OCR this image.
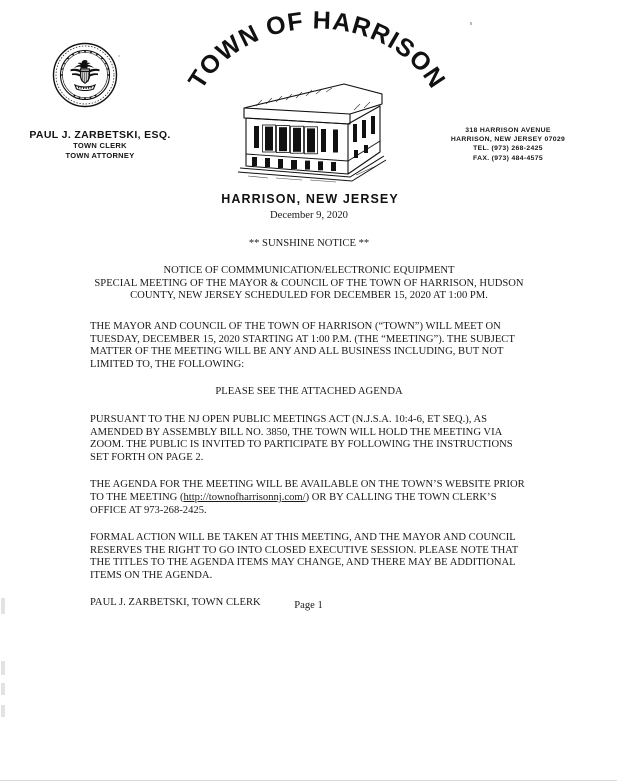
PAUL J. ZARBETSKI, ESQ.
TOWN CLERK
TOWN ATTORNEY
TOWN OF HARRISON
HARRISON, NEW JERSEY
318 HARRISON AVENUE
HARRISON, NEW JERSEY 07029
TEL. (973) 268-2425
FAX. (973) 484-4575

December 9, 2020

** SUNSHINE NOTICE **

NOTICE OF COMMMUNICATION/ELECTRONIC EQUIPMENT

SPECIAL MEETING OF THE MAYOR & COUNCIL OF THE TOWN OF HARRISON, HUDSON

COUNTY, NEW JERSEY SCHEDULED FOR DECEMBER 15, 2020 AT 1:00 PM.

THE MAYOR AND COUNCIL OF THE TOWN OF HARRISON (“TOWN”) WILL MEET ON TUESDAY, DECEMBER 15, 2020 STARTING AT 1:00 P.M. (THE “MEETING”). THE SUBJECT MATTER OF THE MEETING WILL BE ANY AND ALL BUSINESS INCLUDING, BUT NOT LIMITED TO, THE FOLLOWING:

PLEASE SEE THE ATTACHED AGENDA

PURSUANT TO THE NJ OPEN PUBLIC MEETINGS ACT (N.J.S.A. 10:4-6, ET SEQ.), AS AMENDED BY ASSEMBLY BILL NO. 3850, THE TOWN WILL HOLD THE MEETING VIA ZOOM. THE PUBLIC IS INVITED TO PARTICIPATE BY FOLLOWING THE INSTRUCTIONS SET FORTH ON PAGE 2.

THE AGENDA FOR THE MEETING WILL BE AVAILABLE ON THE TOWN’S WEBSITE PRIOR TO THE MEETING (http://townofharrisonnj.com/) OR BY CALLING THE TOWN CLERK’S OFFICE AT 973-268-2425.

FORMAL ACTION WILL BE TAKEN AT THIS MEETING, AND THE MAYOR AND COUNCIL RESERVES THE RIGHT TO GO INTO CLOSED EXECUTIVE SESSION. PLEASE NOTE THAT THE TITLES TO THE AGENDA ITEMS MAY CHANGE, AND THERE MAY BE ADDITIONAL ITEMS ON THE AGENDA.

PAUL J. ZARBETSKI, TOWN CLERK	Page 1
